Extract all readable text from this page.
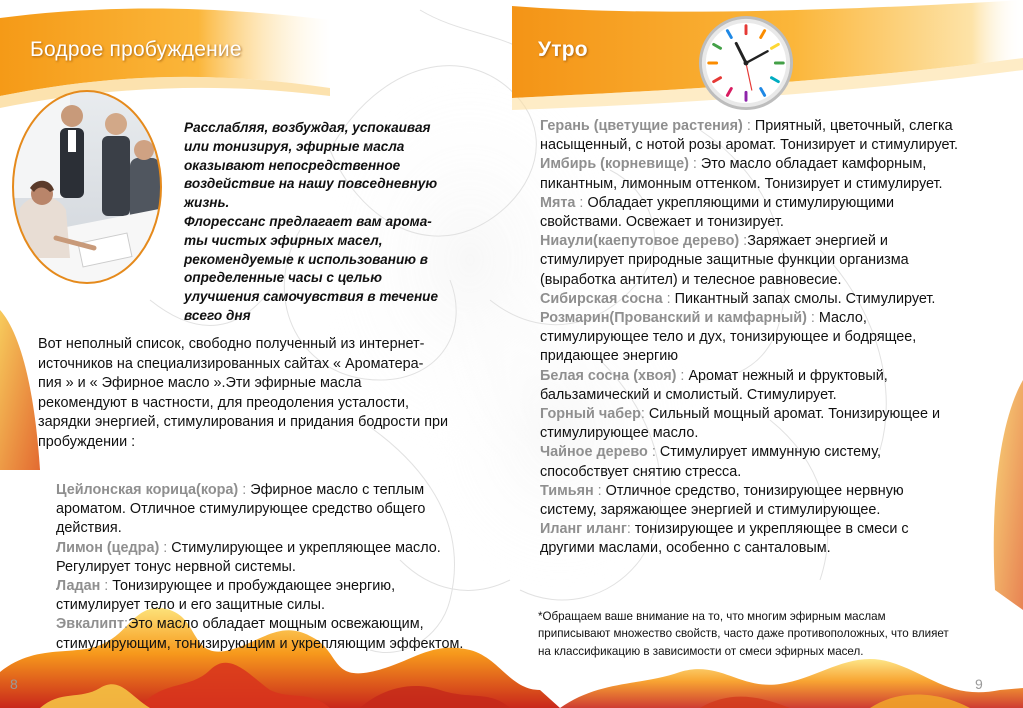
Бодрое пробуждение	Утро
Расслабляя, возбуждая, успокаивая
или тонизируя, эфирные масла
оказывают непосредственное
воздействие на нашу повседневную
жизнь.
Флорессанс предлагает вам арома-
ты чистых эфирных масел,
рекомендуемые к использованию в
определенные часы с целью
улучшения самочувствия в течение
всего дня
Вот неполный список, свободно полученный из интернет-
источников на специализированных сайтах « Ароматера-
пия » и « Эфирное масло ».Эти эфирные масла
рекомендуют в частности, для преодоления усталости,
зарядки энергией, стимулирования и придания бодрости при
пробуждении :
Цейлонская корица(кора) : Эфирное масло с теплым ароматом. Отличное стимулирующее средство общего действия.
Лимон (цедра) : Стимулирующее и укрепляющее масло. Регулирует тонус нервной системы.
Ладан : Тонизирующее и пробуждающее энергию, стимулирует тело и его защитные силы.
Эвкалипт:Это масло обладает мощным освежающим, стимулирующим, тонизирующим и укрепляющим эффектом.
Герань (цветущие растения) : Приятный, цветочный, слегка насыщенный, с нотой розы аромат. Тонизирует и стимулирует.
Имбирь (корневище) : Это масло обладает камфорным, пикантным, лимонным оттенком. Тонизирует и стимулирует.
Мята : Обладает укрепляющими и стимулирующими свойствами. Освежает и тонизирует.
Ниаули(каепутовое дерево) :Заряжает энергией и стимулирует природные защитные функции организма (выработка антител) и телесное равновесие.
Сибирская сосна : Пикантный запах смолы. Стимулирует.
Розмарин(Прованский и камфарный) : Масло, стимулирующее тело и дух, тонизирующее и бодрящее, придающее энергию
Белая сосна (хвоя) : Аромат нежный и фруктовый, бальзамический и смолистый. Стимулирует.
Горный чабер: Сильный мощный аромат. Тонизирующее и стимулирующее масло.
Чайное дерево : Стимулирует иммунную систему, способствует снятию стресса.
Тимьян : Отличное средство, тонизирующее нервную систему, заряжающее энергией и стимулирующее.
Иланг иланг: тонизирующее и укрепляющее в смеси с другими маслами, особенно с санталовым.
*Обращаем ваше внимание на то, что многим эфирным маслам приписывают множество свойств, часто даже противоположных, что влияет на классификацию в зависимости от смеси эфирных масел.
8	9
